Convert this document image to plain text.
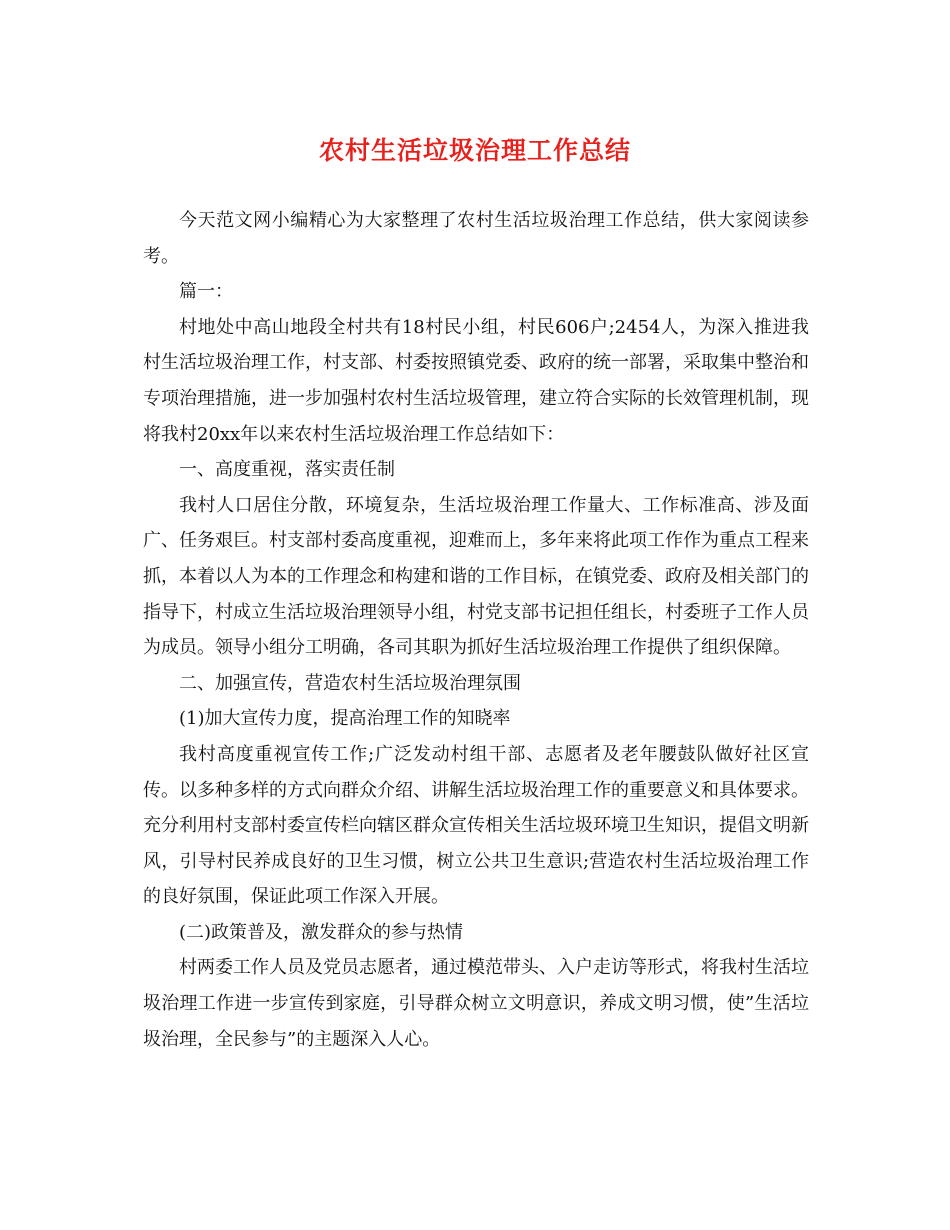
农村生活垃圾治理工作总结

今天范文网小编精心为大家整理了农村生活垃圾治理工作总结，供大家阅读参考。

篇一：

村地处中高山地段全村共有18村民小组，村民606户;2454人，为深入推进我村生活垃圾治理工作，村支部、村委按照镇党委、政府的统一部署，采取集中整治和专项治理措施，进一步加强村农村生活垃圾管理，建立符合实际的长效管理机制，现将我村20xx年以来农村生活垃圾治理工作总结如下：

一、高度重视，落实责任制

我村人口居住分散，环境复杂，生活垃圾治理工作量大、工作标准高、涉及面广、任务艰巨。村支部村委高度重视，迎难而上，多年来将此项工作作为重点工程来抓，本着以人为本的工作理念和构建和谐的工作目标，在镇党委、政府及相关部门的指导下，村成立生活垃圾治理领导小组，村党支部书记担任组长，村委班子工作人员为成员。领导小组分工明确，各司其职为抓好生活垃圾治理工作提供了组织保障。

二、加强宣传，营造农村生活垃圾治理氛围

(1)加大宣传力度，提高治理工作的知晓率

我村高度重视宣传工作;广泛发动村组干部、志愿者及老年腰鼓队做好社区宣传。以多种多样的方式向群众介绍、讲解生活垃圾治理工作的重要意义和具体要求。充分利用村支部村委宣传栏向辖区群众宣传相关生活垃圾环境卫生知识，提倡文明新风，引导村民养成良好的卫生习惯，树立公共卫生意识;营造农村生活垃圾治理工作的良好氛围，保证此项工作深入开展。

(二)政策普及，激发群众的参与热情

村两委工作人员及党员志愿者，通过模范带头、入户走访等形式，将我村生活垃圾治理工作进一步宣传到家庭，引导群众树立文明意识，养成文明习惯，使”生活垃圾治理，全民参与”的主题深入人心。
